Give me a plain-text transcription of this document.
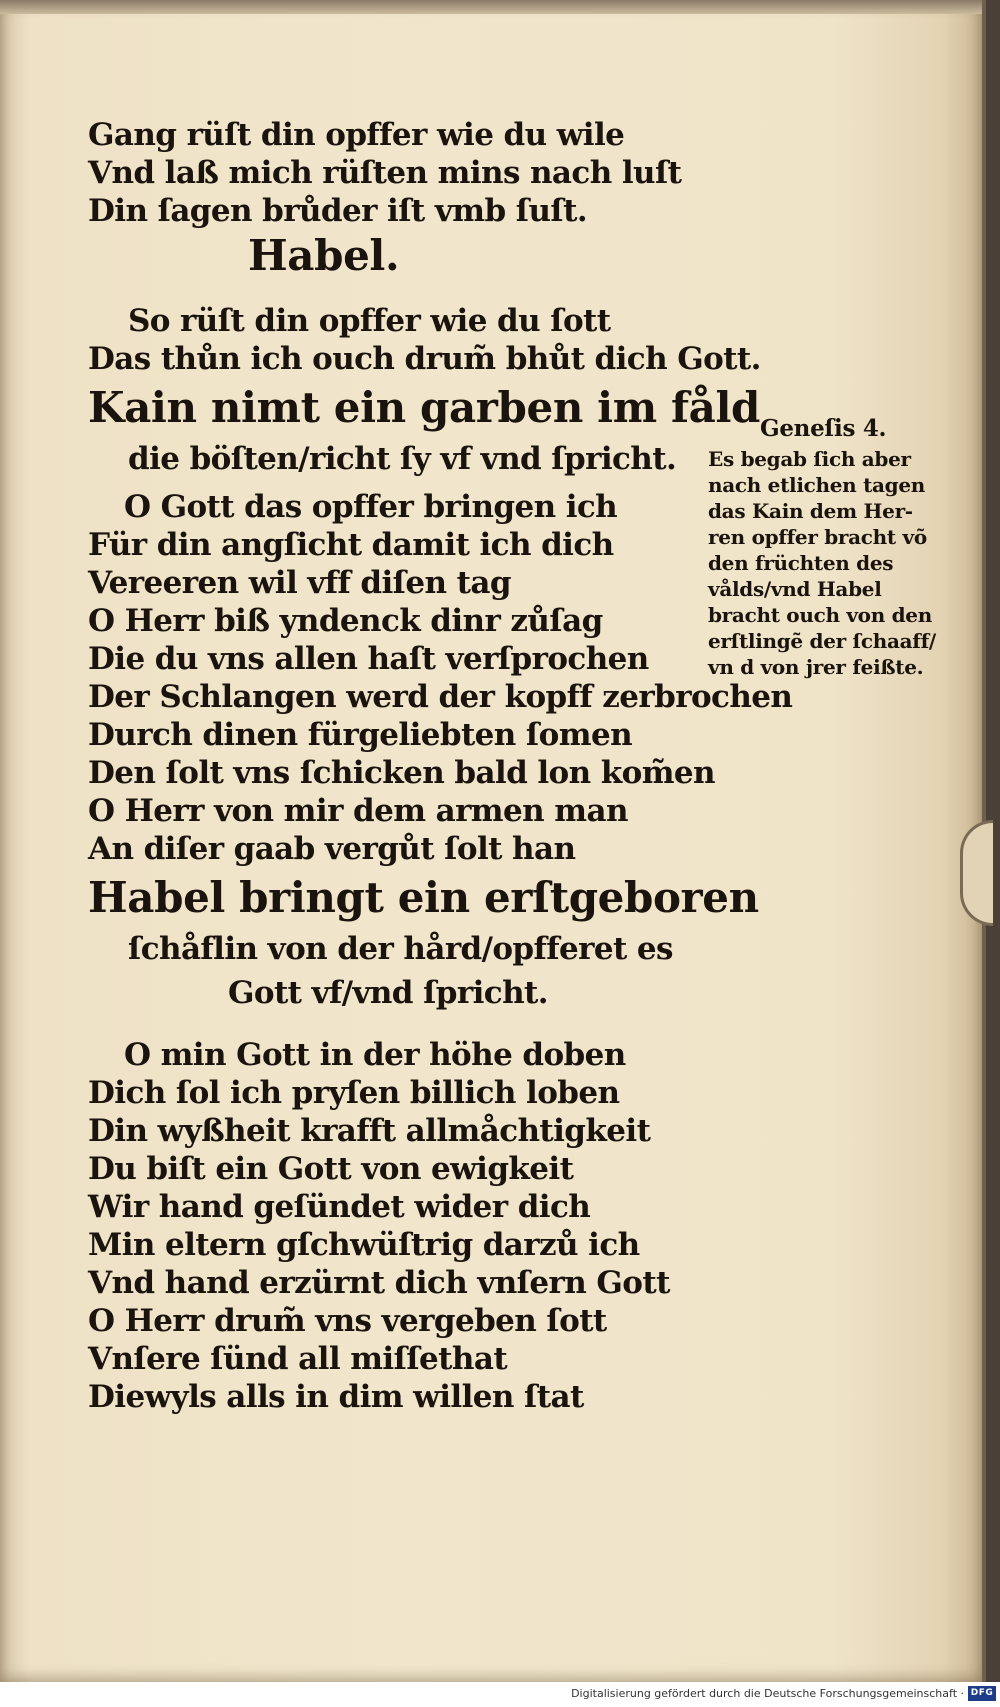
Gang rüſt din opffer wie du wile
Vnd laß mich rüſten mins nach luſt
Din ſagen brůder iſt vmb ſuſt.
Habel.
So rüſt din opffer wie du ſott
Das thůn ich ouch drum̃ bhůt dich Gott.
Kain nimt ein garben im fåld
die böſten/richt ſy vf vnd ſpricht.
O Gott das opffer bringen ich
Für din angſicht damit ich dich
Vereeren wil vff diſen tag
O Herr biß yndenck dinr zůſag
Die du vns allen haſt verſprochen
Der Schlangen werd der kopff zerbrochen
Durch dinen fürgeliebten ſomen
Den ſolt vns ſchicken bald lon kom̃en
O Herr von mir dem armen man
An diſer gaab vergůt ſolt han
Habel bringt ein erſtgeboren
ſchåflin von der hård/opfferet es
Gott vf/vnd ſpricht.
O min Gott in der höhe doben
Dich ſol ich pryſen billich loben
Din wyßheit krafft allmåchtigkeit
Du biſt ein Gott von ewigkeit
Wir hand geſündet wider dich
Min eltern gſchwüſtrig darzů ich
Vnd hand erzürnt dich vnſern Gott
O Herr drum̃ vns vergeben ſott
Vnſere ſünd all miſſethat
Diewyls alls in dim willen ſtat
Geneſis 4.
Es begab ſich aber
nach etlichen tagen
das Kain dem Her-
ren opffer bracht võ
den früchten des
vålds/vnd Habel
bracht ouch von den
erſtlingẽ der ſchaaff/
vn d von jrer feißte.
Digitalisierung gefördert durch die Deutsche Forschungsgemeinschaft · DFG
